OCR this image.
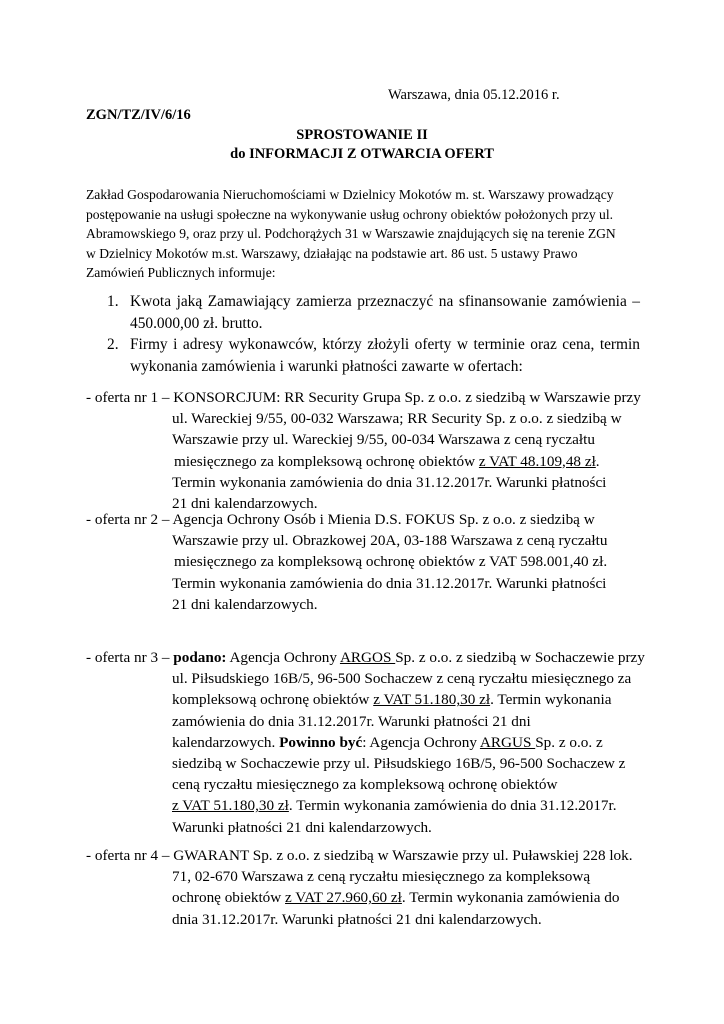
Warszawa, dnia 05.12.2016 r.
ZGN/TZ/IV/6/16
SPROSTOWANIE II
do INFORMACJI Z OTWARCIA OFERT
Zakład Gospodarowania Nieruchomościami w Dzielnicy Mokotów m. st. Warszawy prowadzący
postępowanie na usługi społeczne na wykonywanie usług ochrony obiektów położonych przy ul.
Abramowskiego 9, oraz przy ul. Podchorążych 31 w Warszawie znajdujących się na terenie ZGN
w Dzielnicy Mokotów m.st. Warszawy, działając na podstawie art. 86 ust. 5 ustawy Prawo
Zamówień Publicznych informuje:
1. Kwota jaką Zamawiający zamierza przeznaczyć na sfinansowanie zamówienia –
450.000,00 zł. brutto.
2. Firmy i adresy wykonawców, którzy złożyli oferty w terminie oraz cena, termin
wykonania zamówienia i warunki płatności zawarte w ofertach:
- oferta nr 1 – KONSORCJUM: RR Security Grupa Sp. z o.o. z siedzibą w Warszawie przy
ul. Wareckiej 9/55, 00-032 Warszawa; RR Security Sp. z o.o. z siedzibą w
Warszawie przy ul. Wareckiej 9/55, 00-034 Warszawa z ceną ryczałtu
miesięcznego za kompleksową ochronę obiektów z VAT 48.109,48 zł.
Termin wykonania zamówienia do dnia 31.12.2017r. Warunki płatności
21 dni kalendarzowych.
- oferta nr 2 – Agencja Ochrony Osób i Mienia D.S. FOKUS Sp. z o.o. z siedzibą w
Warszawie przy ul. Obrazkowej 20A, 03-188 Warszawa z ceną ryczałtu
miesięcznego za kompleksową ochronę obiektów z VAT 598.001,40 zł.
Termin wykonania zamówienia do dnia 31.12.2017r. Warunki płatności
21 dni kalendarzowych.
- oferta nr 3 – podano: Agencja Ochrony ARGOS Sp. z o.o. z siedzibą w Sochaczewie przy
ul. Piłsudskiego 16B/5, 96-500 Sochaczew z ceną ryczałtu miesięcznego za
kompleksową ochronę obiektów z VAT 51.180,30 zł. Termin wykonania
zamówienia do dnia 31.12.2017r. Warunki płatności 21 dni
kalendarzowych. Powinno być: Agencja Ochrony ARGUS Sp. z o.o. z
siedzibą w Sochaczewie przy ul. Piłsudskiego 16B/5, 96-500 Sochaczew z
ceną ryczałtu miesięcznego za kompleksową ochronę obiektów
z VAT 51.180,30 zł. Termin wykonania zamówienia do dnia 31.12.2017r.
Warunki płatności 21 dni kalendarzowych.
- oferta nr 4 – GWARANT Sp. z o.o. z siedzibą w Warszawie przy ul. Puławskiej 228 lok.
71, 02-670 Warszawa z ceną ryczałtu miesięcznego za kompleksową
ochronę obiektów z VAT 27.960,60 zł. Termin wykonania zamówienia do
dnia 31.12.2017r. Warunki płatności 21 dni kalendarzowych.
